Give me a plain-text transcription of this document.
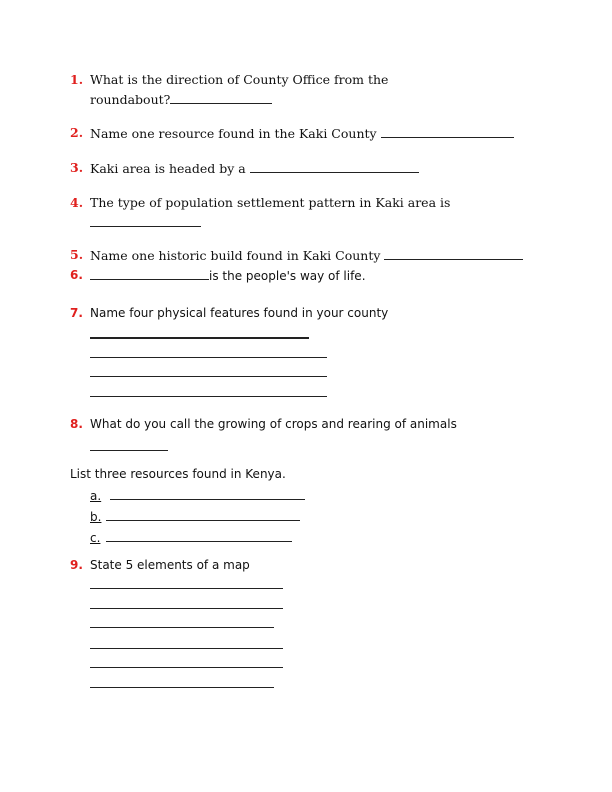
1. What is the direction of County Office from the
roundabout?
2. Name one resource found in the Kaki County
3. Kaki area is headed by a
4. The type of population settlement pattern in Kaki area is
5. Name one historic build found in Kaki County
6.	is the people's way of life.
7. Name four physical features found in your county
8. What do you call the growing of crops and rearing of animals
List three resources found in Kenya.
a.
b.
c.
9. State 5 elements of a map
